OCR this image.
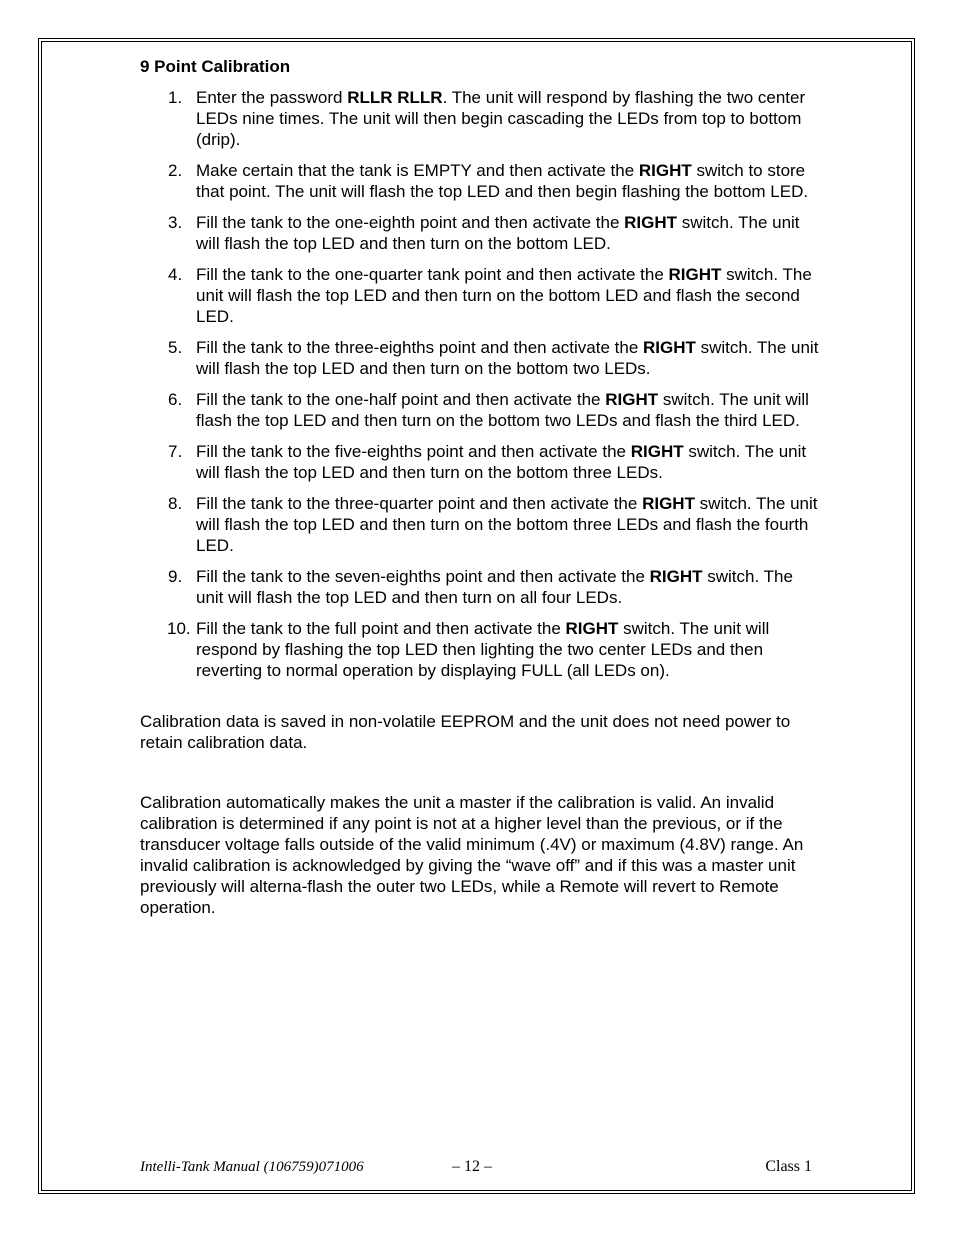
9 Point Calibration
1. Enter the password RLLR RLLR. The unit will respond by flashing the two center LEDs nine times. The unit will then begin cascading the LEDs from top to bottom (drip).
2. Make certain that the tank is EMPTY and then activate the RIGHT switch to store that point. The unit will flash the top LED and then begin flashing the bottom LED.
3. Fill the tank to the one-eighth point and then activate the RIGHT switch. The unit will flash the top LED and then turn on the bottom LED.
4. Fill the tank to the one-quarter tank point and then activate the RIGHT switch. The unit will flash the top LED and then turn on the bottom LED and flash the second LED.
5. Fill the tank to the three-eighths point and then activate the RIGHT switch. The unit will flash the top LED and then turn on the bottom two LEDs.
6. Fill the tank to the one-half point and then activate the RIGHT switch. The unit will flash the top LED and then turn on the bottom two LEDs and flash the third LED.
7. Fill the tank to the five-eighths point and then activate the RIGHT switch. The unit will flash the top LED and then turn on the bottom three LEDs.
8. Fill the tank to the three-quarter point and then activate the RIGHT switch. The unit will flash the top LED and then turn on the bottom three LEDs and flash the fourth LED.
9. Fill the tank to the seven-eighths point and then activate the RIGHT switch. The unit will flash the top LED and then turn on all four LEDs.
10. Fill the tank to the full point and then activate the RIGHT switch. The unit will respond by flashing the top LED then lighting the two center LEDs and then reverting to normal operation by displaying FULL (all LEDs on).

Calibration data is saved in non-volatile EEPROM and the unit does not need power to retain calibration data.

Calibration automatically makes the unit a master if the calibration is valid. An invalid calibration is determined if any point is not at a higher level than the previous, or if the transducer voltage falls outside of the valid minimum (.4V) or maximum (4.8V) range. An invalid calibration is acknowledged by giving the “wave off” and if this was a master unit previously will alterna-flash the outer two LEDs, while a Remote will revert to Remote operation.

Intelli-Tank Manual (106759)071006	– 12 –	Class 1
